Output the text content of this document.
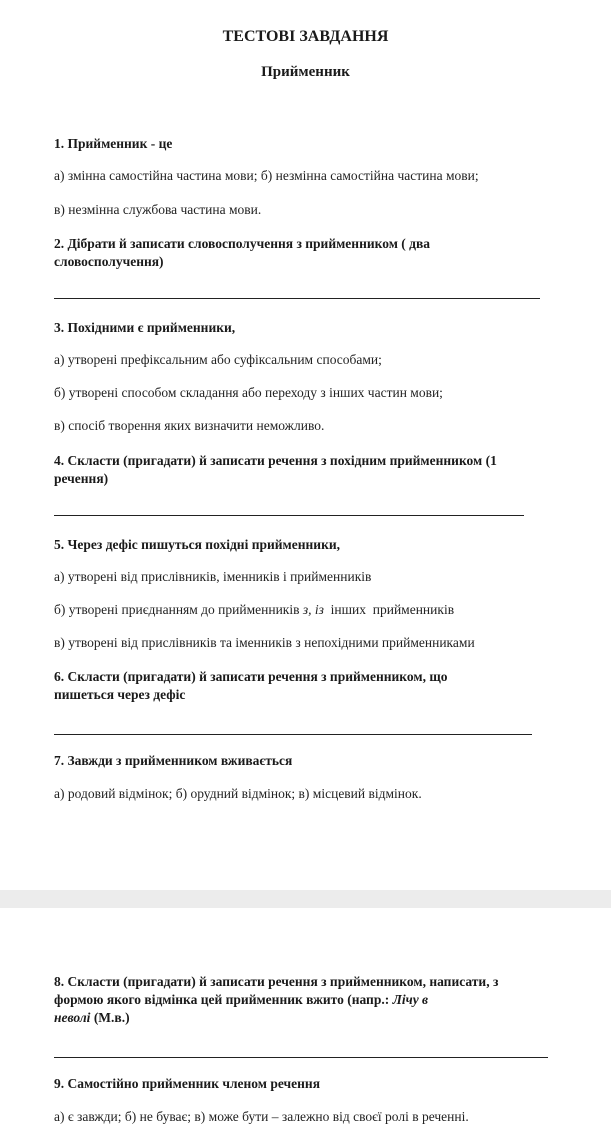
ТЕСТОВІ ЗАВДАННЯ
Прийменник
1. Прийменник - це
а) змінна самостійна частина мови; б) незмінна самостійна частина мови;
в) незмінна службова частина мови.
2. Дібрати й записати словосполучення з прийменником ( два
словосполучення)
3. Похідними є прийменники,
а) утворені префіксальним або суфіксальним способами;
б) утворені способом складання або переходу з інших частин мови;
в) спосіб творення яких визначити неможливо.
4. Скласти (пригадати) й записати речення з похідним прийменником (1
речення)
5. Через дефіс пишуться похідні прийменники,
а) утворені від прислівників, іменників і прийменників
б) утворені приєднанням до прийменників з, із  інших  прийменників
в) утворені від прислівників та іменників з непохідними прийменниками
6. Скласти (пригадати) й записати речення з прийменником, що
пишеться через дефіс
7. Завжди з прийменником вживається
а) родовий відмінок; б) орудний відмінок; в) місцевий відмінок.
8. Скласти (пригадати) й записати речення з прийменником, написати, з
формою якого відмінка цей прийменник вжито (напр.: Лічу в
неволі (М.в.)
9. Самостійно прийменник членом речення
а) є завжди; б) не буває; в) може бути – залежно від своєї ролі в реченні.
